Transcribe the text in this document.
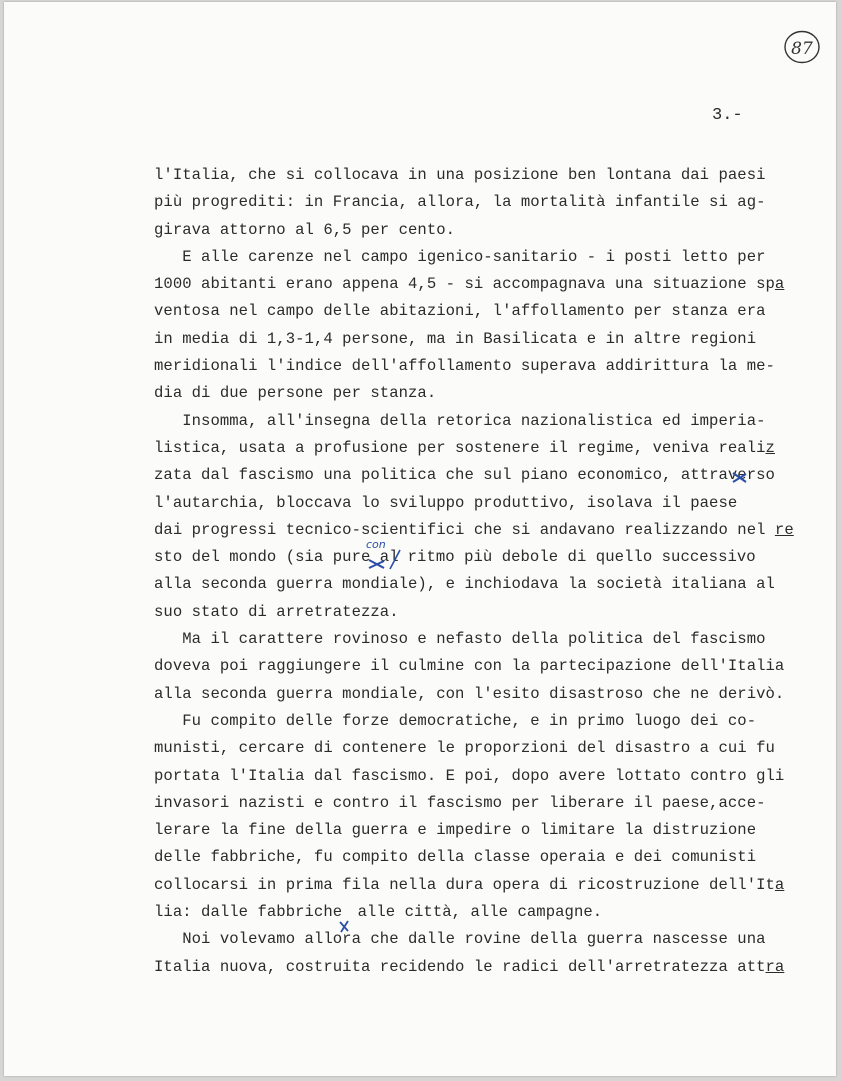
87
3.-
l'Italia, che si collocava in una posizione ben lontana dai paesi
più progrediti: in Francia, allora, la mortalità infantile si ag-
girava attorno al 6,5 per cento.
E alle carenze nel campo igenico-sanitario - i posti letto per
1000 abitanti erano appena 4,5 - si accompagnava una situazione spa
ventosa nel campo delle abitazioni, l'affollamento per stanza era
in media di 1,3-1,4 persone, ma in Basilicata e in altre regioni
meridionali l'indice dell'affollamento superava addirittura la me-
dia di due persone per stanza.
Insomma, all'insegna della retorica nazionalistica ed imperia-
listica, usata a profusione per sostenere il regime, veniva realiz
zata dal fascismo una politica che sul piano economico, attraverso
l'autarchia, bloccava lo sviluppo produttivo, isolava il paese
dai progressi tecnico-scientifici che si andavano realizzando nel re
sto del mondo (sia pure al ritmo più debole di quello successivo
alla seconda guerra mondiale), e inchiodava la società italiana al
suo stato di arretratezza.
Ma il carattere rovinoso e nefasto della politica del fascismo
doveva poi raggiungere il culmine con la partecipazione dell'Italia
alla seconda guerra mondiale, con l'esito disastroso che ne derivò.
Fu compito delle forze democratiche, e in primo luogo dei co-
munisti, cercare di contenere le proporzioni del disastro a cui fu
portata l'Italia dal fascismo. E poi, dopo avere lottato contro gli
invasori nazisti e contro il fascismo per liberare il paese,acce-
lerare la fine della guerra e impedire o limitare la distruzione
delle fabbriche, fu compito della classe operaia e dei comunisti
collocarsi in prima fila nella dura opera di ricostruzione dell'Ita
lia: dalle fabbriche alle città, alle campagne.
Noi volevamo allora che dalle rovine della guerra nascesse una
Italia nuova, costruita recidendo le radici dell'arretratezza attra
con
